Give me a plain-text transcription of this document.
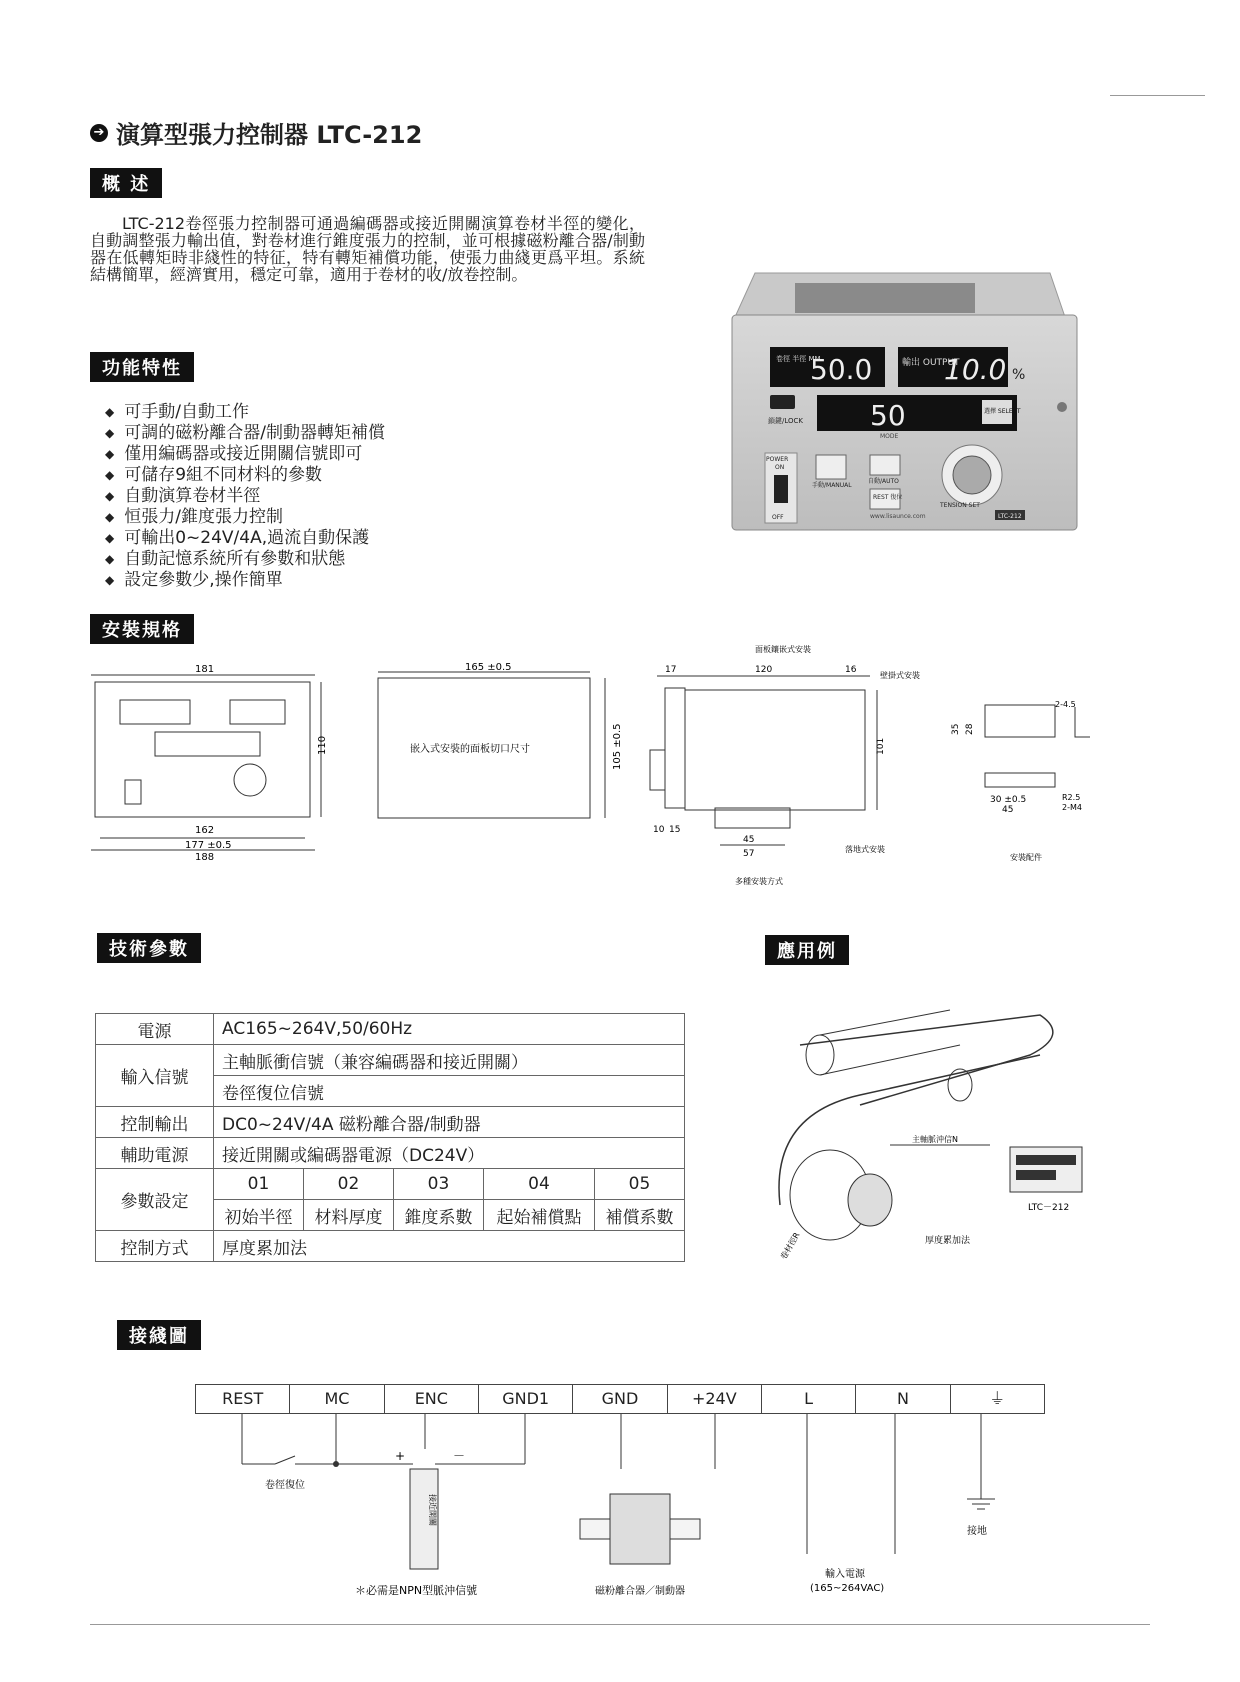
➔ 演算型張力控制器 LTC-212
概 述

LTC-212卷徑張力控制器可通過編碼器或接近開關演算卷材半徑的變化，自動調整張力輸出值，對卷材進行錐度張力的控制，並可根據磁粉離合器/制動器在低轉矩時非綫性的特征，特有轉矩補償功能，使張力曲綫更爲平坦。系統結構簡單，經濟實用，穩定可靠，適用于卷材的收/放卷控制。

功能特性
◆ 可手動/自動工作
◆ 可調的磁粉離合器/制動器轉矩補償
◆ 僅用編碼器或接近開關信號即可
◆ 可儲存9組不同材料的參數
◆ 自動演算卷材半徑
◆ 恒張力/錐度張力控制
◆ 可輸出0~24V/4A,過流自動保護
◆ 自動記憶系統所有參數和狀態
◆ 設定參數少,操作簡單
卷徑 半徑 MM
50.0	輸出 OUTPUT
10.0 %
50	選擇 SELECT
鎖鍵/LOCK
MODE
POWER
ON
OFF
手動/MANUAL
自動/AUTO
REST 復位
TENSION SET
www.lisaunce.com	LTC-212
安裝規格
181
110
162
177 ±0.5
188
165 ±0.5
嵌入式安裝的面板切口尺寸	105 ±0.5
面板鑲嵌式安裝
壁掛式安裝
17	120	16
101
10 15
45
57	落地式安裝
多種安裝方式
35 28
2-4.5
30 ±0.5
45
R2.5
2-M4
安裝配件
技術參數	應用例
電源	AC165~264V,50/60Hz				
輸入信號	主軸脈衝信號（兼容編碼器和接近開關）				
	卷徑復位信號				
控制輸出	DC0~24V/4A 磁粉離合器/制動器				
輔助電源	接近開關或編碼器電源（DC24V）				
參數設定	01	02	03	04	05
	初始半徑	材料厚度	錐度系數	起始補償點	補償系數
控制方式	厚度累加法				
主軸脈沖信N
LTC－212
厚度累加法
卷材徑R
接綫圖
REST	MC	ENC	GND1	GND	+24V	L	N	⏚
卷徑復位
+	－
接近開關
＊必需是NPN型脈沖信號	磁粉離合器／制動器
輸入電源
(165~264VAC)
接地
